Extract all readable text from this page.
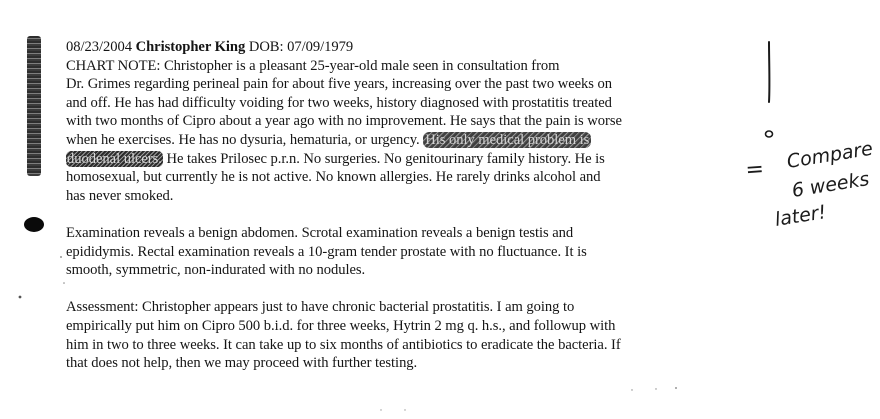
08/23/2004 Christopher King DOB: 07/09/1979
CHART NOTE: Christopher is a pleasant 25-year-old male seen in consultation from
Dr. Grimes regarding perineal pain for about five years, increasing over the past two weeks on
and off. He has had difficulty voiding for two weeks, history diagnosed with prostatitis treated
with two months of Cipro about a year ago with no improvement. He says that the pain is worse
when he exercises. He has no dysuria, hematuria, or urgency. His only medical problem is
duodenal ulcers. He takes Prilosec p.r.n. No surgeries. No genitourinary family history. He is
homosexual, but currently he is not active. No known allergies. He rarely drinks alcohol and
has never smoked.
Examination reveals a benign abdomen. Scrotal examination reveals a benign testis and
epididymis. Rectal examination reveals a 10-gram tender prostate with no fluctuance. It is
smooth, symmetric, non-indurated with no nodules.
Assessment: Christopher appears just to have chronic bacterial prostatitis. I am going to
empirically put him on Cipro 500 b.i.d. for three weeks, Hytrin 2 mg q. h.s., and followup with
him in two to three weeks. It can take up to six months of antibiotics to eradicate the bacteria. If
that does not help, then we may proceed with further testing.
= Compare
6 weeks
later!
